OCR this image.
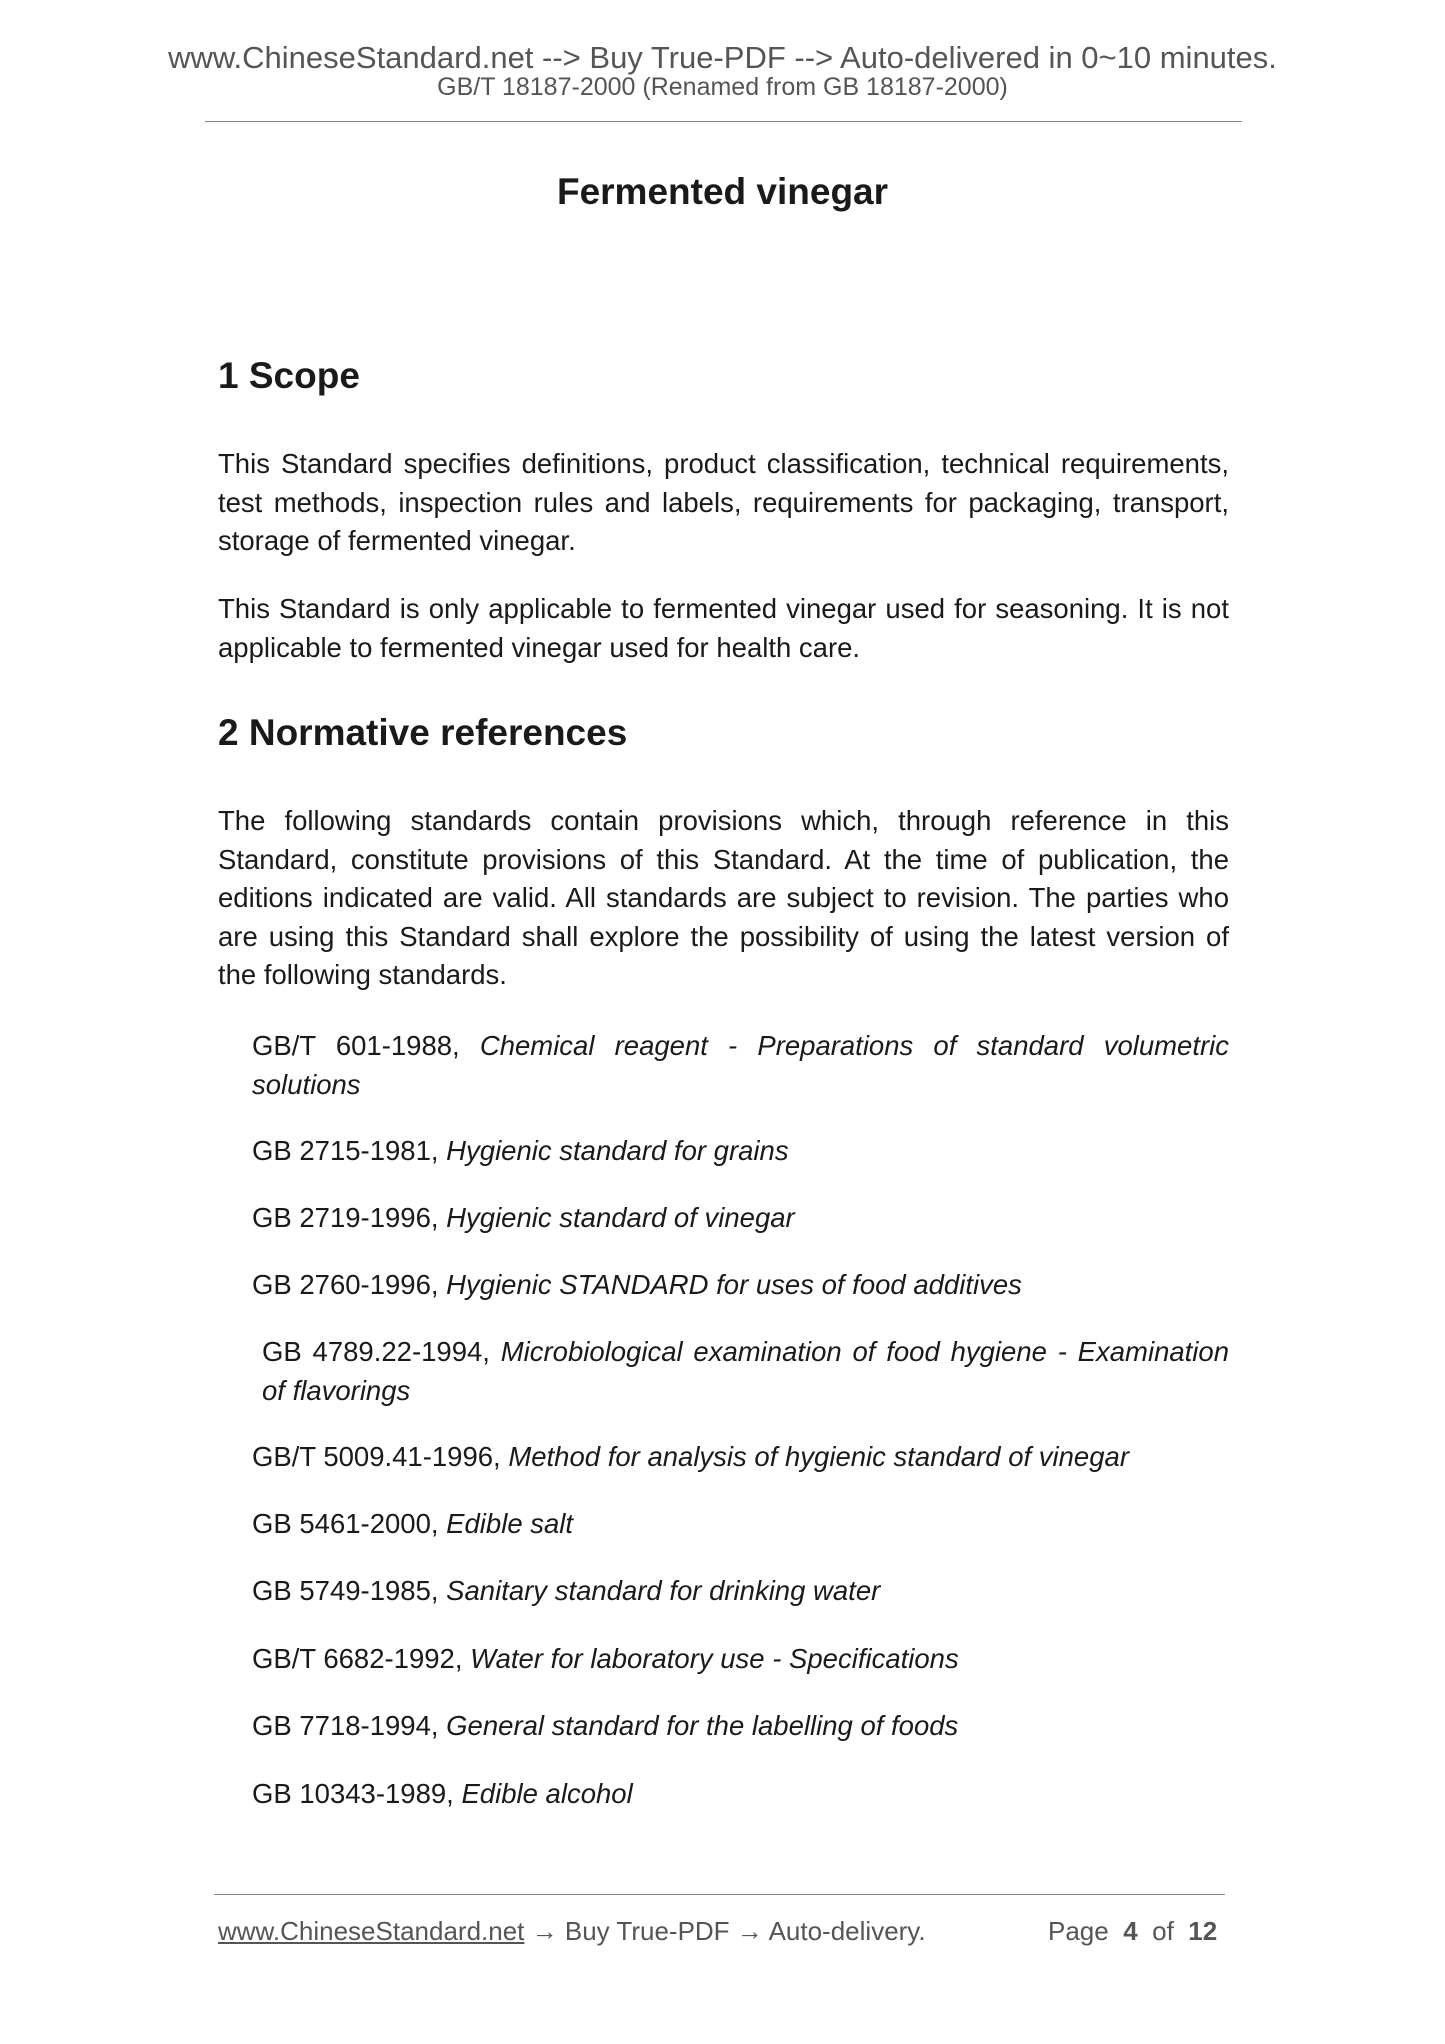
www.ChineseStandard.net --> Buy True-PDF --> Auto-delivered in 0~10 minutes.
GB/T 18187-2000 (Renamed from GB 18187-2000)
Fermented vinegar
1 Scope
This Standard specifies definitions, product classification, technical requirements, test methods, inspection rules and labels, requirements for packaging, transport, storage of fermented vinegar.
This Standard is only applicable to fermented vinegar used for seasoning. It is not applicable to fermented vinegar used for health care.
2 Normative references
The following standards contain provisions which, through reference in this Standard, constitute provisions of this Standard. At the time of publication, the editions indicated are valid. All standards are subject to revision. The parties who are using this Standard shall explore the possibility of using the latest version of the following standards.
GB/T 601-1988, Chemical reagent - Preparations of standard volumetric solutions
GB 2715-1981, Hygienic standard for grains
GB 2719-1996, Hygienic standard of vinegar
GB 2760-1996, Hygienic STANDARD for uses of food additives
GB 4789.22-1994, Microbiological examination of food hygiene - Examination of flavorings
GB/T 5009.41-1996, Method for analysis of hygienic standard of vinegar
GB 5461-2000, Edible salt
GB 5749-1985, Sanitary standard for drinking water
GB/T 6682-1992, Water for laboratory use - Specifications
GB 7718-1994, General standard for the labelling of foods
GB 10343-1989, Edible alcohol
www.ChineseStandard.net → Buy True-PDF → Auto-delivery.	Page 4 of 12
